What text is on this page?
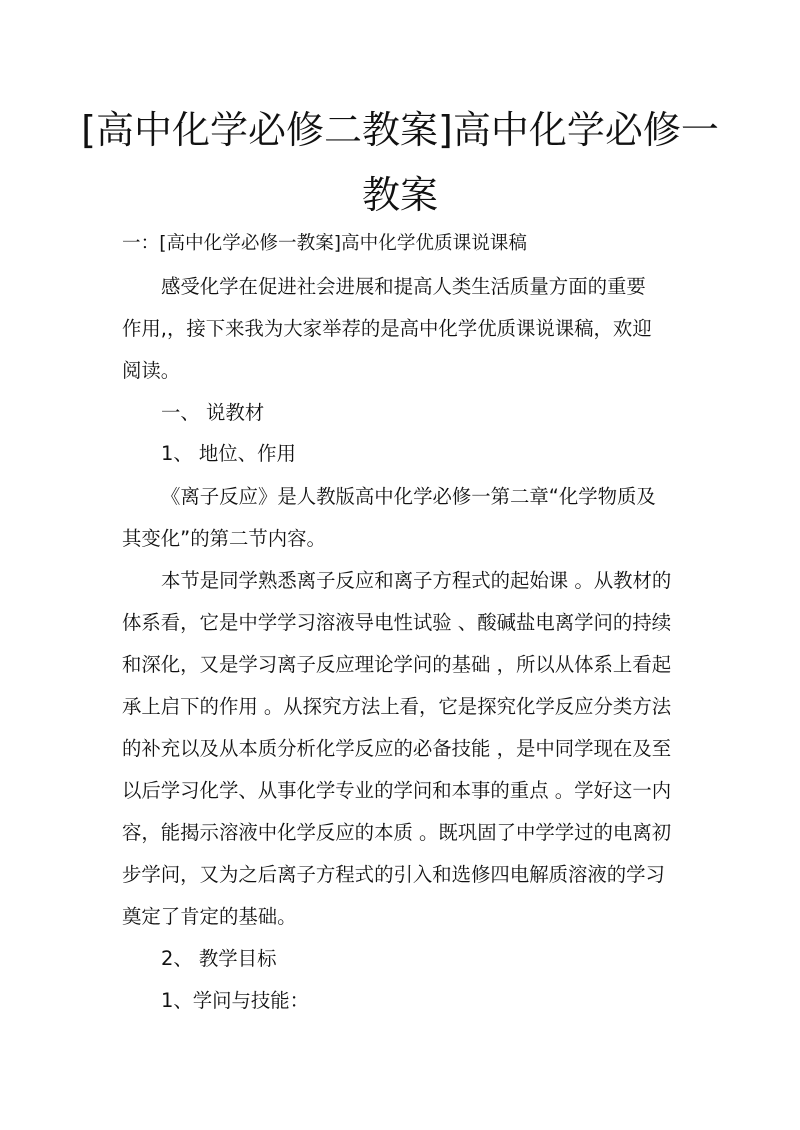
[高中化学必修二教案]高中化学必修一
教案
一：[高中化学必修一教案]高中化学优质课说课稿
感受化学在促进社会进展和提高人类生活质量方面的重要
作用,，接下来我为大家举荐的是高中化学优质课说课稿，欢迎
阅读。
一、 说教材
1、 地位、作用
《离子反应》是人教版高中化学必修一第二章“化学物质及
其变化”的第二节内容。
本节是同学熟悉离子反应和离子方程式的起始课 。从教材的
体系看，它是中学学习溶液导电性试验 、酸碱盐电离学问的持续
和深化，又是学习离子反应理论学问的基础 ，所以从体系上看起
承上启下的作用 。从探究方法上看，它是探究化学反应分类方法
的补充以及从本质分析化学反应的必备技能 ，是中同学现在及至
以后学习化学、从事化学专业的学问和本事的重点 。学好这一内
容，能揭示溶液中化学反应的本质 。既巩固了中学学过的电离初
步学问，又为之后离子方程式的引入和选修四电解质溶液的学习
奠定了肯定的基础。
2、 教学目标
1、学问与技能：
